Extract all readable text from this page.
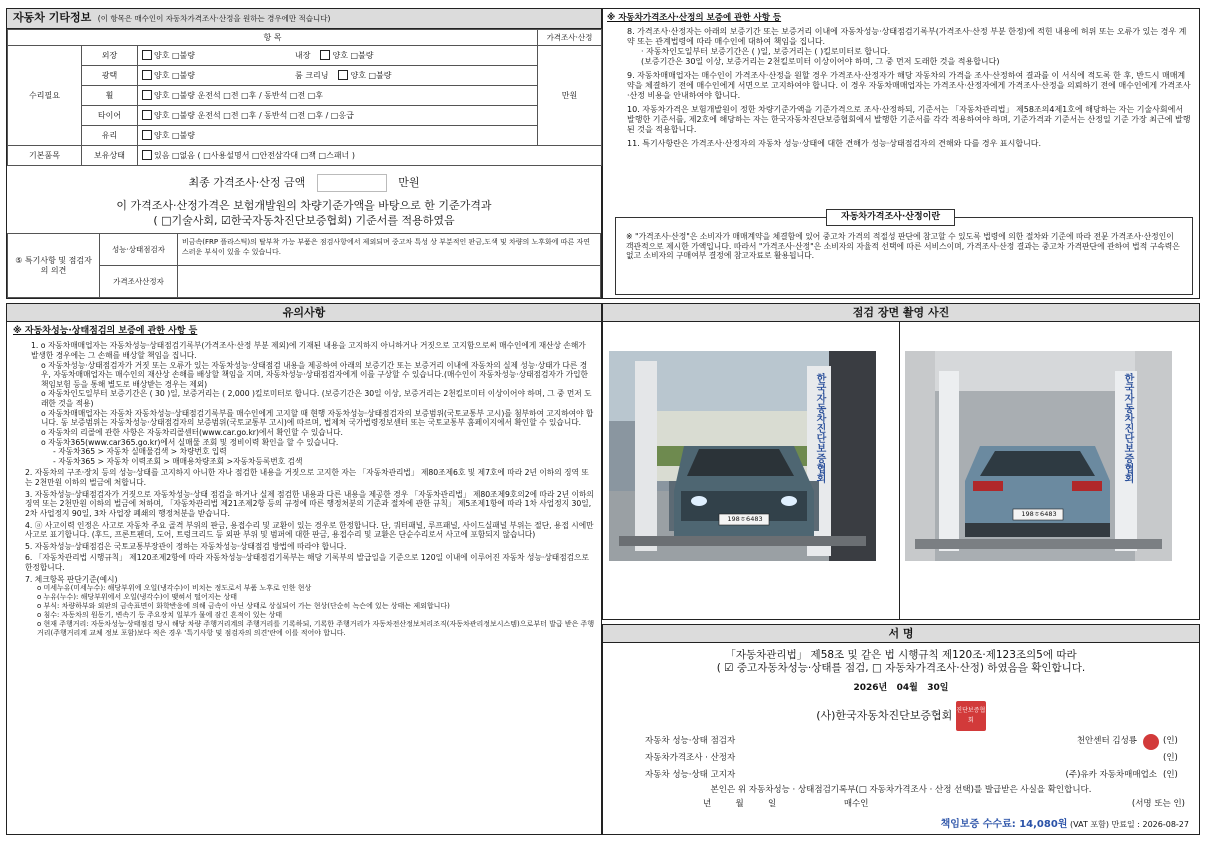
자동차 기타정보 (이 항목은 매수인이 자동차가격조사·산정을 원하는 경우에만 적습니다)
항 목			가격조사·산정
수리필요	외장	양호 □불량 내장 양호 □불량	만원
	광택	양호 □불량 룸 크리닝 양호 □불량	
	휠	양호 □불량 운전석 □전 □후 / 동반석 □전 □후	
	타이어	양호 □불량 운전석 □전 □후 / 동반석 □전 □후 / □응급	
	유리	양호 □불량	
기본품목	보유상태	있음 □없음 ( □사용설명서 □안전삼각대 □잭 □스패너 )	
최종 가격조사·산정 금액	만원
이 가격조사·산정가격은 보험개발원의 차량기준가액을 바탕으로 한 기준가격과
( □기술사회, ☑한국자동차진단보증협회) 기준서를 적용하였음
⑤ 특기사항 및 점검자의 의견	성능·상태점검자	비금속(FRP 플라스틱)의 탈부착 가능 부품은 점검사항에서 제외되며 중고차 특성 상 부분적인 판금,도색 및 차량의 노후화에 따른 자연스러운 부식이 있을 수 있습니다.
	가격조사산정자	
※ 자동차가격조사·산정의 보증에 관한 사항 등
8. 가격조사·산정자는 아래의 보증기간 또는 보증거리 이내에 자동차성능·상태점검기록부(가격조사·산정 부분 한정)에 적힌 내용에 허위 또는 오류가 있는 경우 계약 또는 관계법령에 따라 매수인에 대하여 책임을 집니다.
· 자동차인도일부터 보증기간은 ( )일, 보증거리는 ( )킬로미터로 합니다.
(보증기간은 30일 이상, 보증거리는 2천킬로미터 이상이어야 하며, 그 중 먼저 도래한 것을 적용합니다)
9. 자동차매매업자는 매수인이 가격조사·산정을 원할 경우 가격조사·산정자가 해당 자동차의 가격을 조사·산정하여 결과를 이 서식에 적도록 한 후, 반드시 매매계약을 체결하기 전에 매수인에게 서면으로 고지하여야 합니다. 이 경우 자동차매매업자는 가격조사·산정자에게 가격조사·산정을 의뢰하기 전에 매수인에게 가격조사·산정 비용을 안내하여야 합니다.
10. 자동차가격은 보험개발원이 정한 차량기준가액을 기준가격으로 조사·산정하되, 기준서는 「자동차관리법」 제58조의4제1호에 해당하는 자는 기술사회에서 발행한 기준서를, 제2호에 해당하는 자는 한국자동차진단보증협회에서 발행한 기준서를 각각 적용하여야 하며, 기준가격과 기준서는 산정일 기준 가장 최근에 발행된 것을 적용합니다.
11. 특기사항란은 가격조사·산정자의 자동차 성능·상태에 대한 견해가 성능·상태점검자의 견해와 다를 경우 표시합니다.
자동차가격조사·산정이란
※ "가격조사·산정"은 소비자가 매매계약을 체결함에 있어 중고차 가격의 적절성 판단에 참고할 수 있도록 법령에 의한 절차와 기준에 따라 전문 가격조사·산정인이 객관적으로 제시한 가액입니다. 따라서 "가격조사·산정"은 소비자의 자율적 선택에 따른 서비스이며, 가격조사·산정 결과는 중고차 가격판단에 관하여 법적 구속력은 없고 소비자의 구매여부 결정에 참고자료로 활용됩니다.
유의사항
※ 자동차성능·상태점검의 보증에 관한 사항 등
1. o 자동차매매업자는 자동차성능·상태점검기록부(가격조사·산정 부분 제외)에 기재된 내용을 고지하지 아니하거나 거짓으로 고지함으로써 매수인에게 재산상 손해가 발생한 경우에는 그 손해를 배상할 책임을 집니다.
o 자동차성능·상태점검자가 거짓 또는 오류가 있는 자동차성능·상태점검 내용을 제공하여 아래의 보증기간 또는 보증거리 이내에 자동차의 실제 성능·상태가 다른 경우, 자동차매매업자는 매수인의 재산상 손해를 배상할 책임을 지며, 자동차성능·상태점검자에게 이를 구상할 수 있습니다.(매수인이 자동차성능·상태점검자가 가입한 책임보험 등을 통해 별도로 배상받는 경우는 제외)
o 자동차인도일부터 보증기간은 ( 30 )일, 보증거리는 ( 2,000 )킬로미터로 합니다. (보증기간은 30일 이상, 보증거리는 2천킬로미터 이상이어야 하며, 그 중 먼저 도래한 것을 적용)
o 자동차매매업자는 자동차 자동차성능·상태점검기록부를 매수인에게 고지할 때 현행 자동차성능·상태점검자의 보증범위(국토교통부 고시)를 첨부하여 고지하여야 합니다. 동 보증범위는 자동차성능·상태점검자의 보증범위(국토교통부 고시)에 따르며, 법제처 국가법령정보센터 또는 국토교통부 홈페이지에서 확인할 수 있습니다.
o 자동차의 리콜에 관한 사항은 자동차리콜센터(www.car.go.kr)에서 확인할 수 있습니다.
o 자동차365(www.car365.go.kr)에서 실매물 조회 및 정비이력 확인을 할 수 있습니다.
- 자동차365 > 자동차 실매물검색 > 차량번호 입력
- 자동차365 > 자동차 이력조회 > 매매용차량조회 >자동차등록번호 검색
2. 자동차의 구조·장치 등의 성능·상태를 고지하지 아니한 자나 점검한 내용을 거짓으로 고지한 자는 「자동차관리법」 제80조제6호 및 제7호에 따라 2년 이하의 징역 또는 2천만원 이하의 벌금에 처합니다.
3. 자동차성능·상태점검자가 거짓으로 자동차성능·상태 점검을 하거나 실제 점검한 내용과 다른 내용을 제공한 경우 「자동차관리법」 제80조제9호의2에 따라 2년 이하의 징역 또는 2천만원 이하의 벌금에 처하며, 「자동차관리법 제21조제2항 등의 규정에 따른 행정처분의 기준과 절차에 관한 규칙」 제5조제1항에 따라 1차 사업정지 30일, 2차 사업정지 90일, 3차 사업장 폐쇄의 행정처분을 받습니다.
4. ⓐ 사고이력 인정은 사고로 자동차 주요 골격 부위의 판금, 용접수리 및 교환이 있는 경우로 한정합니다. 단, 쿼터패널, 루프패널, 사이드실패널 부위는 절단, 용접 시에만 사고로 표기합니다. (후드, 프론트펜더, 도어, 트렁크리드 등 외판 부위 및 범퍼에 대한 판금, 용접수리 및 교환은 단순수리로서 사고에 포함되지 않습니다)
5. 자동차성능·상태점검은 국토교통부장관이 정하는 자동차성능·상태점검 방법에 따라야 합니다.
6. 「자동차관리법 시행규칙」 제120조제2항에 따라 자동차성능·상태점검기록부는 해당 기록부의 발급일을 기준으로 120일 이내에 이루어진 자동차 성능·상태점검으로 한정합니다.
7. 체크항목 판단기준(예시)
o 미세누유(미세누수): 해당부위에 오일(냉각수)이 비치는 정도로서 부품 노후로 인한 현상
o 누유(누수): 해당부위에서 오일(냉각수)이 맺혀서 떨어지는 상태
o 부식: 차량하부와 외판의 금속표면이 화학반응에 의해 금속이 아닌 상태로 상실되어 가는 현상(단순히 녹슨에 있는 상태는 제외합니다)
o 침수: 자동차의 원동기, 변속기 등 주요장치 일부가 물에 잠긴 흔적이 있는 상태
o 현재 주행거리: 자동차성능·상태점검 당시 해당 차량 주행거리계의 주행거리를 기록하되, 기록한 주행거리가 자동차전산정보처리조직(자동차관리정보시스템)으로부터 발급 받은 주행거리(주행거리계 교체 정보 포함)보다 적은 경우 '특기사항 및 점검자의 의견'란에 이를 적어야 합니다.
점검 장면 촬영 사진
198ㅎ6483
한국자동차진단보증협회
198ㅎ6483
한국자동차진단보증협회
서 명
「자동차관리법」 제58조 및 같은 법 시행규칙 제120조·제123조의5에 따라
( ☑ 중고자동차성능·상태를 점검, □ 자동차가격조사·산정) 하였음을 확인합니다.
2026년   04월   30일
(사)한국자동차진단보증협회 진단보증협회
자동차 성능·상태 점검자	천안센터 김성룡	(인)
자동차가격조사 · 산정자	(인)
자동차 성능·상태 고지자	(주)유카 자동차매매업소 (인)
본인은 위 자동차성능 · 상태점검기록부(□ 자동차가격조사 · 산정 선택)를 발급받은 사실을 확인합니다.
년         월         일                         매수인	(서명 또는 인)
책임보증 수수료: 14,080원 (VAT 포함) 만료일 : 2026-08-27
